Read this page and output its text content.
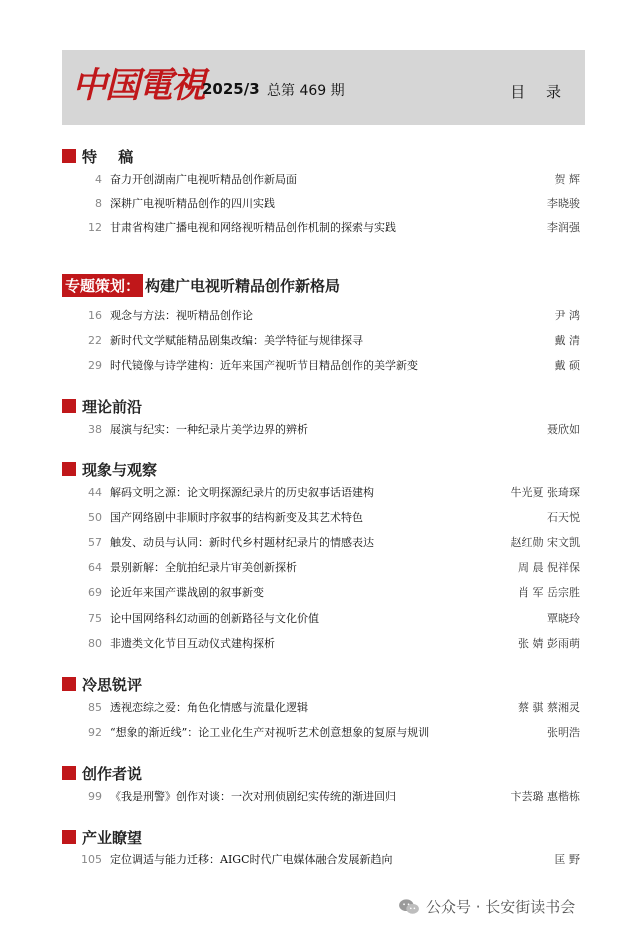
中国電視
2025/3 总第 469 期	目 录
特 稿
4 奋力开创湖南广电视听精品创作新局面	贺 辉
8 深耕广电视听精品创作的四川实践	李晓骏
12 甘肃省构建广播电视和网络视听精品创作机制的探索与实践	李润强
专题策划： 构建广电视听精品创作新格局
16 观念与方法：视听精品创作论	尹 鸿
22 新时代文学赋能精品剧集改编：美学特征与规律探寻	戴 清
29 时代镜像与诗学建构：近年来国产视听节目精品创作的美学新变	戴 硕
理论前沿
38 展演与纪实：一种纪录片美学边界的辨析	聂欣如
现象与观察
44 解码文明之源：论文明探源纪录片的历史叙事话语建构	牛光夏 张琦琛
50 国产网络剧中非顺时序叙事的结构新变及其艺术特色	石天悦
57 触发、动员与认同：新时代乡村题材纪录片的情感表达	赵红勋 宋文凯
64 景别新解：全航拍纪录片审美创新探析	周 晨 倪祥保
69 论近年来国产谍战剧的叙事新变	肖 军 岳宗胜
75 论中国网络科幻动画的创新路径与文化价值	覃晓玲
80 非遗类文化节目互动仪式建构探析	张 婧 彭雨萌
冷思锐评
85 透视恋综之爱：角色化情感与流量化逻辑	蔡 骐 蔡湘灵
92 “想象的渐近线”：论工业化生产对视听艺术创意想象的复原与规训	张明浩
创作者说
99 《我是刑警》创作对谈：一次对刑侦剧纪实传统的渐进回归	卞芸璐 惠楷栋
产业瞭望
105 定位调适与能力迁移：AIGC时代广电媒体融合发展新趋向	匡 野
公众号 · 长安街读书会
